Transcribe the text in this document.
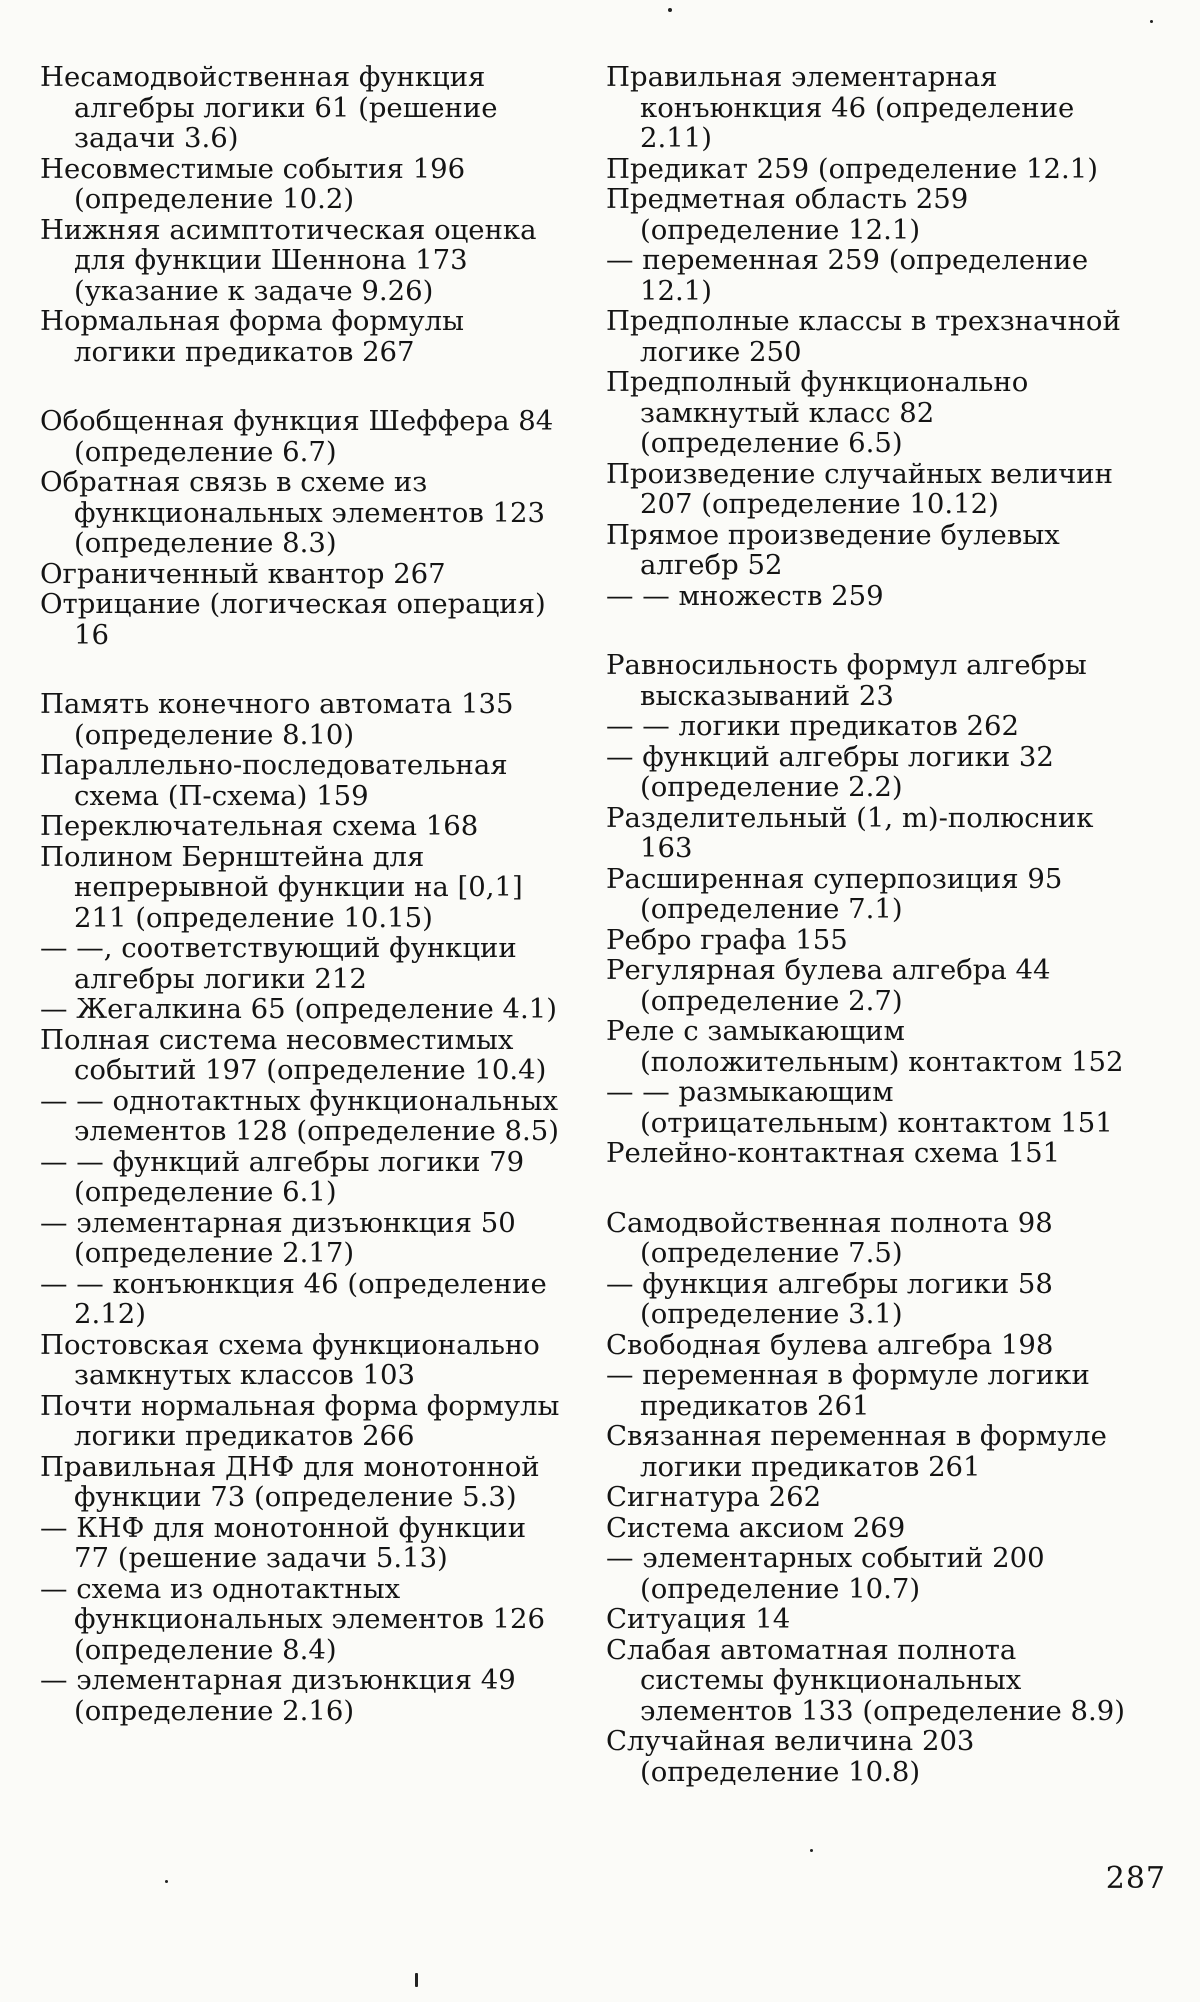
Несамодвойственная функция алгебры логики 61 (решение задачи 3.6)

Несовместимые события 196 (определение 10.2)

Нижняя асимптотическая оценка для функции Шеннона 173 (указание к задаче 9.26)

Нормальная форма формулы логики предикатов 267

Обобщенная функция Шеффера 84 (определение 6.7)

Обратная связь в схеме из функциональных элементов 123 (определение 8.3)

Ограниченный квантор 267

Отрицание (логическая операция) 16

Память конечного автомата 135 (определение 8.10)

Параллельно-последовательная схема (П-схема) 159

Переключательная схема 168

Полином Бернштейна для непрерывной функции на [0,1] 211 (определение 10.15)

— —, соответствующий функции алгебры логики 212

— Жегалкина 65 (определение 4.1)

Полная система несовместимых событий 197 (определение 10.4)

— — однотактных функциональных элементов 128 (определение 8.5)

— — функций алгебры логики 79 (определение 6.1)

— элементарная дизъюнкция 50 (определение 2.17)

— — конъюнкция 46 (определение 2.12)

Постовская схема функционально замкнутых классов 103

Почти нормальная форма формулы логики предикатов 266

Правильная ДНФ для монотонной функции 73 (определение 5.3)

— КНФ для монотонной функции 77 (решение задачи 5.13)

— схема из однотактных функциональных элементов 126 (определение 8.4)

— элементарная дизъюнкция 49 (определение 2.16)

Правильная элементарная конъюнкция 46 (определение 2.11)

Предикат 259 (определение 12.1)

Предметная область 259 (определение 12.1)

— переменная 259 (определение 12.1)

Предполные классы в трехзначной логике 250

Предполный функционально замкнутый класс 82 (определение 6.5)

Произведение случайных величин 207 (определение 10.12)

Прямое произведение булевых алгебр 52

— — множеств 259

Равносильность формул алгебры высказываний 23

— — логики предикатов 262

— функций алгебры логики 32 (определение 2.2)

Разделительный (1, m)-полюсник 163

Расширенная суперпозиция 95 (определение 7.1)

Ребро графа 155

Регулярная булева алгебра 44 (определение 2.7)

Реле с замыкающим (положительным) контактом 152

— — размыкающим (отрицательным) контактом 151

Релейно-контактная схема 151

Самодвойственная полнота 98 (определение 7.5)

— функция алгебры логики 58 (определение 3.1)

Свободная булева алгебра 198

— переменная в формуле логики предикатов 261

Связанная переменная в формуле логики предикатов 261

Сигнатура 262

Система аксиом 269

— элементарных событий 200 (определение 10.7)

Ситуация 14

Слабая автоматная полнота системы функциональных элементов 133 (определение 8.9)

Случайная величина 203 (определение 10.8)

287
